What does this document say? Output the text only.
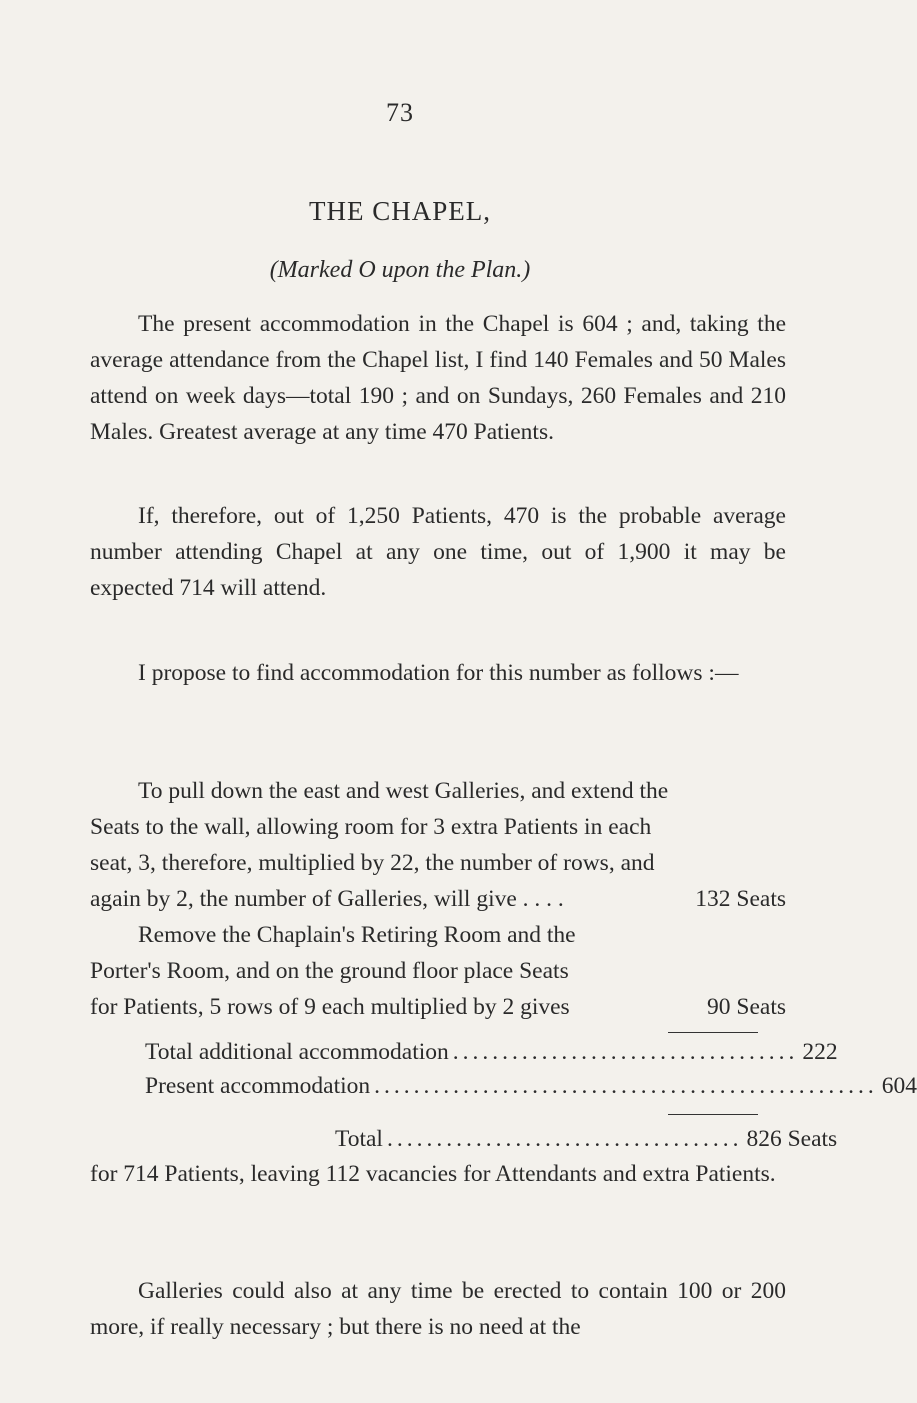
73
THE CHAPEL,
(Marked O upon the Plan.)

The present accommodation in the Chapel is 604 ; and, taking the average attendance from the Chapel list, I find 140 Females and 50 Males attend on week days—total 190 ; and on Sundays, 260 Females and 210 Males. Greatest average at any time 470 Patients.

If, therefore, out of 1,250 Patients, 470 is the probable average number attending Chapel at any one time, out of 1,900 it may be expected 714 will attend.

I propose to find accommodation for this number as follows :—

To pull down the east and west Galleries, and extend the
Seats to the wall, allowing room for 3 extra Patients in each
seat, 3, therefore, multiplied by 22, the number of rows, and
again by 2, the number of Galleries, will give . . . .	132 Seats
Remove the Chaplain's Retiring Room and the
Porter's Room, and on the ground floor place Seats
for Patients, 5 rows of 9 each multiplied by 2 gives	90 Seats
Total additional accommodation ................................... 222
Present accommodation ................................................... 604
Total .................................... 826 Seats

for 714 Patients, leaving 112 vacancies for Attendants and extra Patients.

Galleries could also at any time be erected to contain 100 or 200 more, if really necessary ; but there is no need at the
